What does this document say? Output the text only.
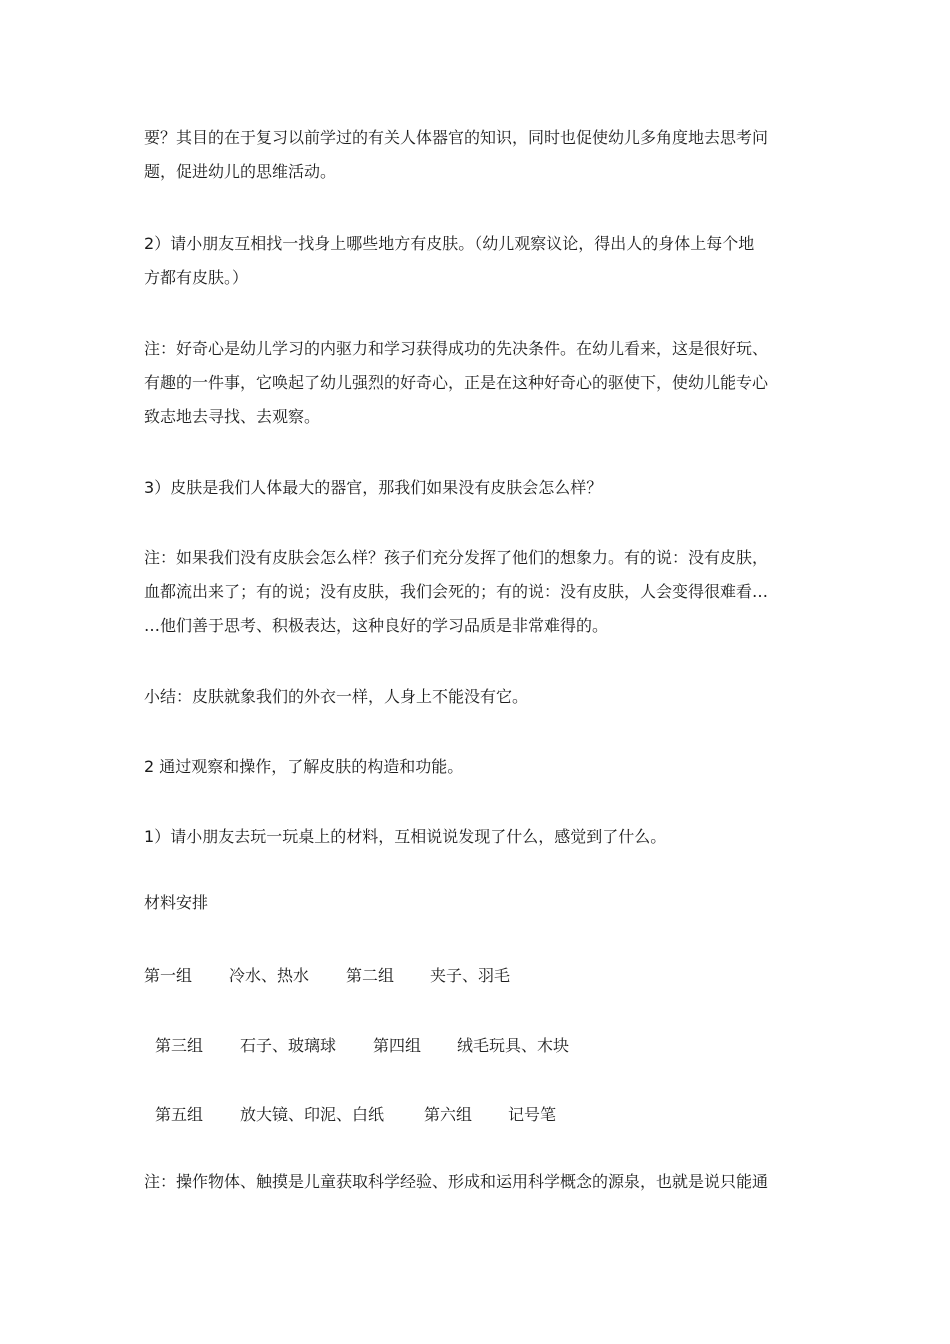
要？其目的在于复习以前学过的有关人体器官的知识，同时也促使幼儿多角度地去思考问
题，促进幼儿的思维活动。
2）请小朋友互相找一找身上哪些地方有皮肤。（幼儿观察议论，得出人的身体上每个地
方都有皮肤。）
注：好奇心是幼儿学习的内驱力和学习获得成功的先决条件。在幼儿看来，这是很好玩、
有趣的一件事，它唤起了幼儿强烈的好奇心，正是在这种好奇心的驱使下，使幼儿能专心
致志地去寻找、去观察。
3）皮肤是我们人体最大的器官，那我们如果没有皮肤会怎么样？
注：如果我们没有皮肤会怎么样？孩子们充分发挥了他们的想象力。有的说：没有皮肤，
血都流出来了；有的说；没有皮肤，我们会死的；有的说：没有皮肤，人会变得很难看…
…他们善于思考、积极表达，这种良好的学习品质是非常难得的。
小结：皮肤就象我们的外衣一样，人身上不能没有它。
2 通过观察和操作，了解皮肤的构造和功能。
1）请小朋友去玩一玩桌上的材料，互相说说发现了什么，感觉到了什么。
材料安排
第一组 冷水、热水 第二组 夹子、羽毛
第三组 石子、玻璃球 第四组 绒毛玩具、木块
第五组 放大镜、印泥、白纸 第六组 记号笔
注：操作物体、触摸是儿童获取科学经验、形成和运用科学概念的源泉，也就是说只能通
